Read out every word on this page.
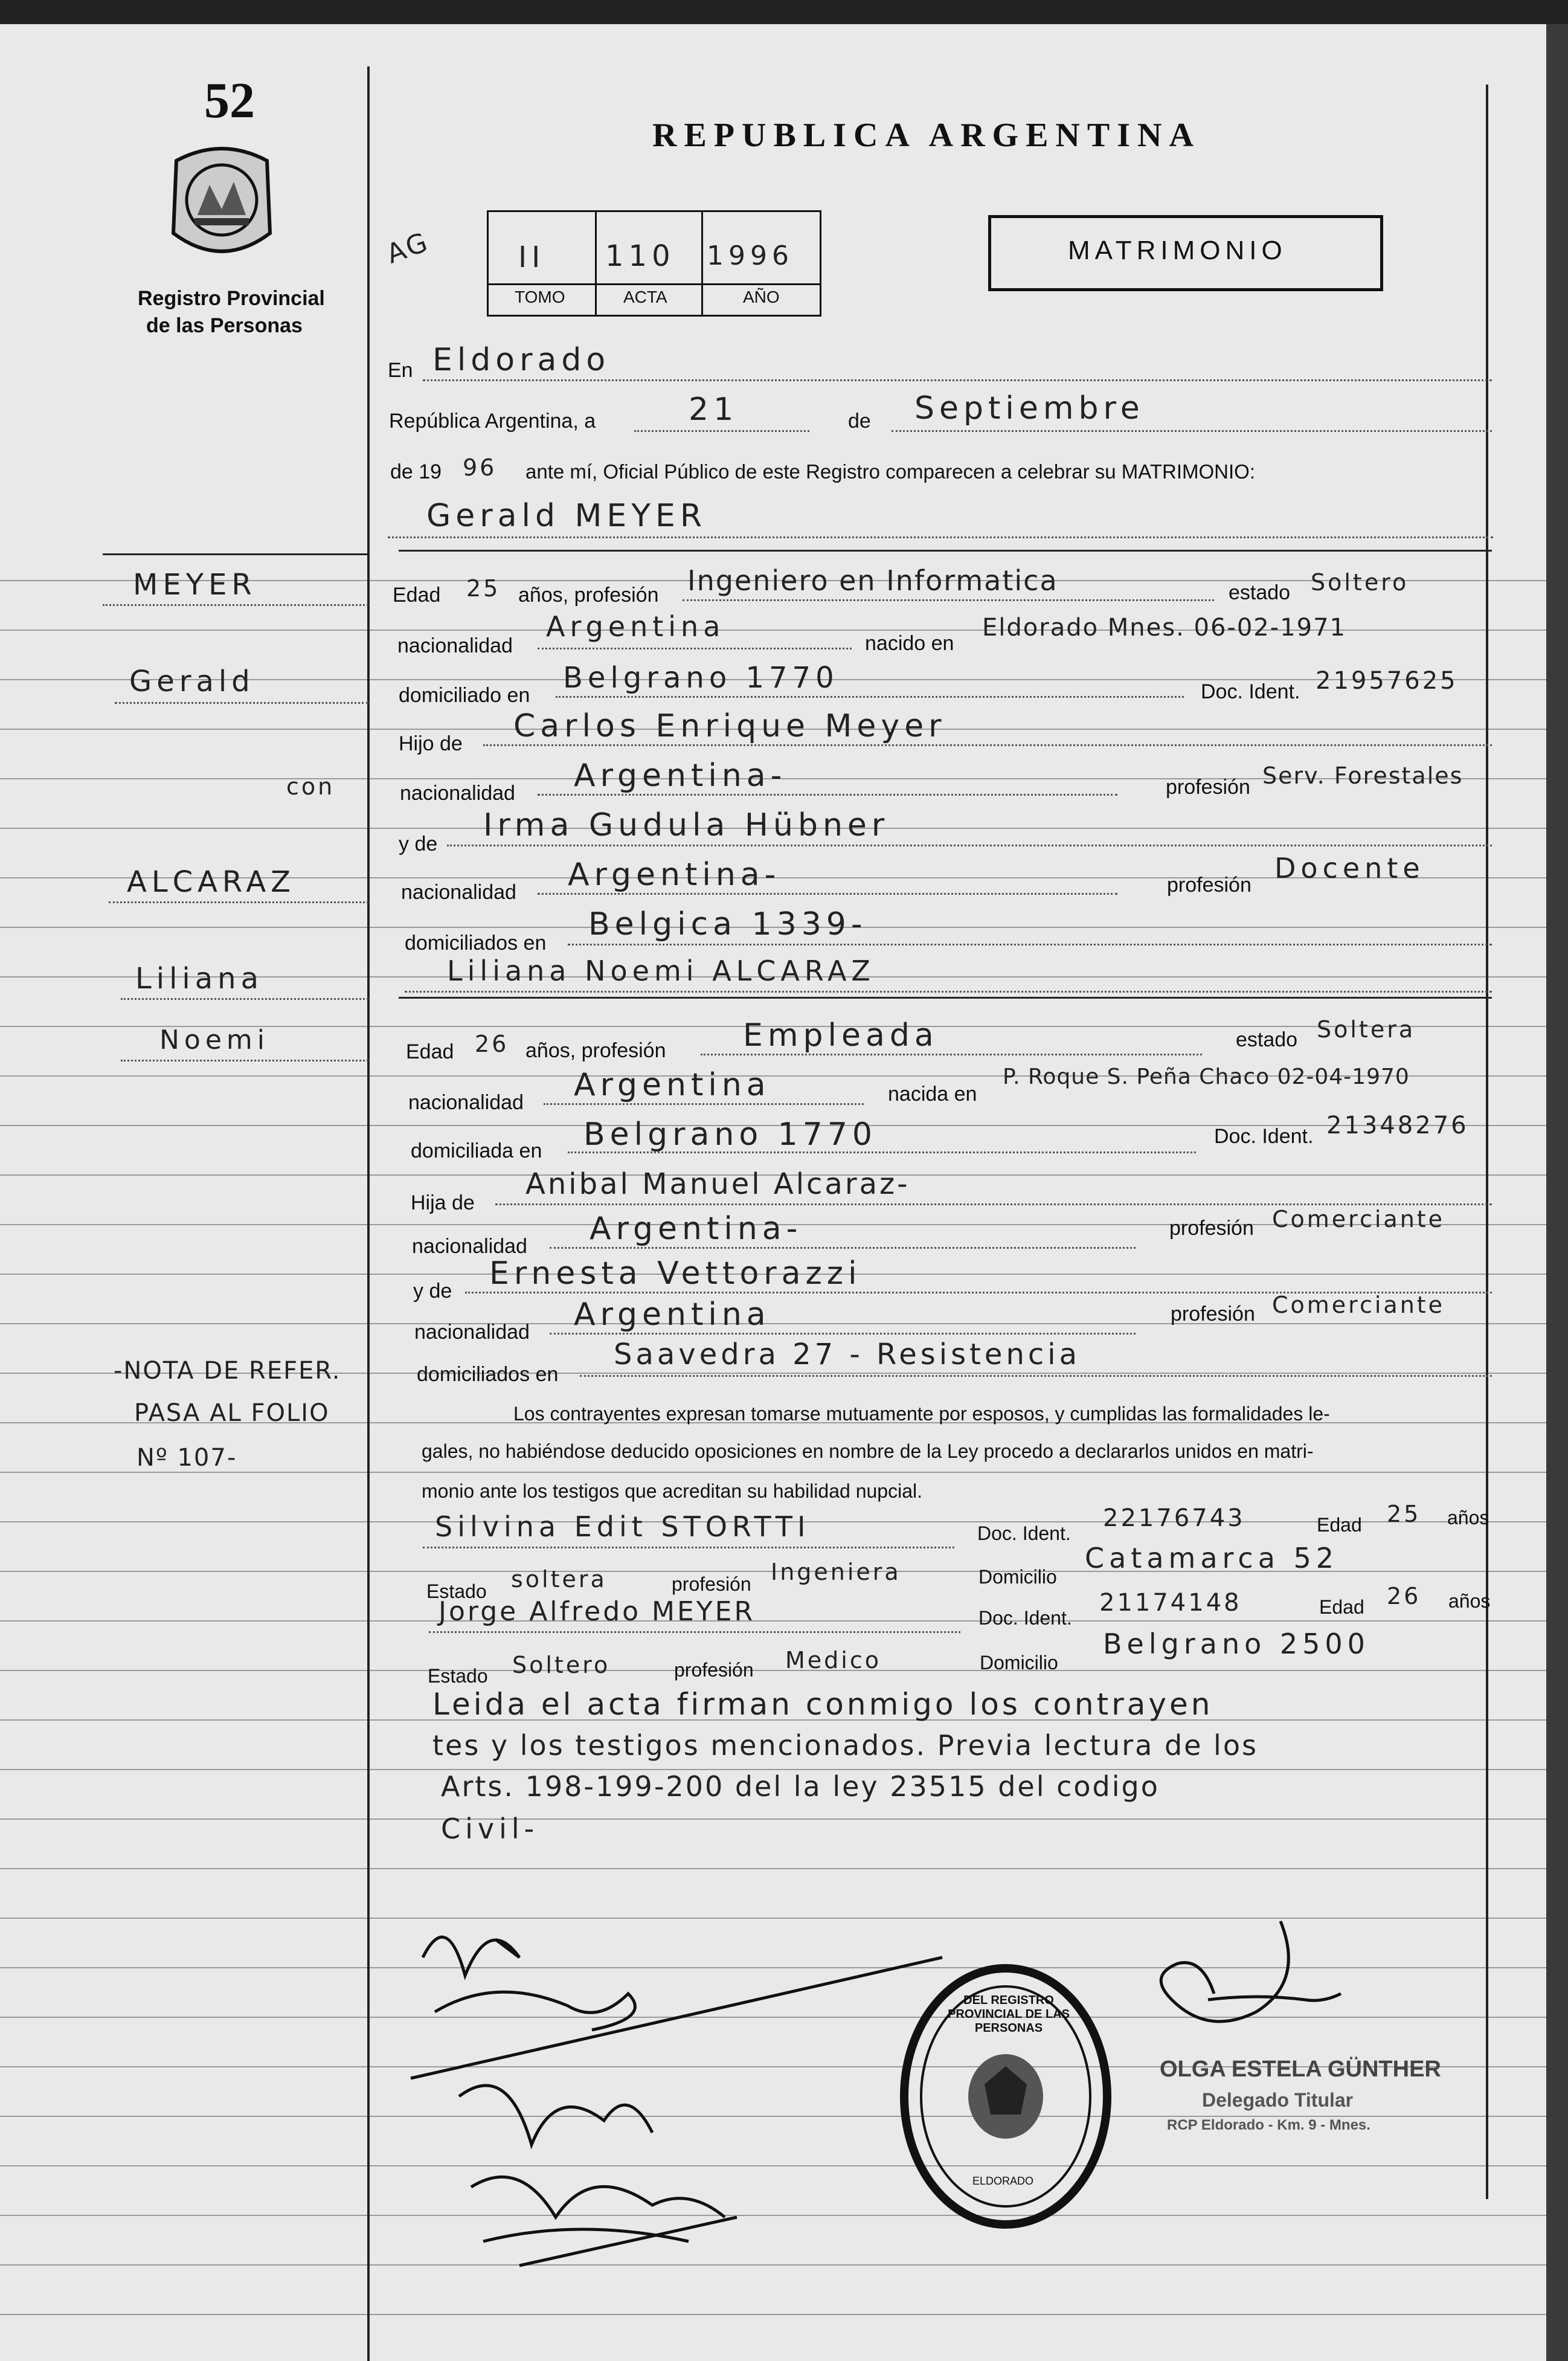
52
Registro Provincial
de las Personas
REPUBLICA ARGENTINA
AG	II 110 1996
TOMO	ACTA	AÑO
MATRIMONIO
En Eldorado
República Argentina, a	21	de Septiembre
de 19 96 ante mí, Oficial Público de este Registro comparecen a celebrar su MATRIMONIO:
Gerald MEYER
Edad 25 años, profesión Ingeniero en Informatica	estado Soltero
nacionalidad
Argentina
nacido en
Eldorado Mnes. 06-02-1971
domiciliado en
Belgrano 1770	Doc. Ident. 21957625
Hijo de Carlos Enrique Meyer
nacionalidad Argentina-	profesión Serv. Forestales
y de
Irma Gudula Hübner
nacionalidad Argentina-	profesión
Docente
domiciliados en
Belgica 1339-
Liliana Noemi ALCARAZ
Edad 26 años, profesión Empleada	estado Soltera
nacionalidad Argentina	nacida en
P. Roque S. Peña Chaco 02-04-1970
domiciliada en Belgrano 1770	Doc. Ident. 21348276
Hija de
Anibal Manuel Alcaraz-
nacionalidad Argentina-	profesión Comerciante
y de Ernesta Vettorazzi
nacionalidad Argentina	profesión Comerciante
domiciliados en
Saavedra 27 - Resistencia
Los contrayentes expresan tomarse mutuamente por esposos, y cumplidas las formalidades le-
gales, no habiéndose deducido oposiciones en nombre de la Ley procedo a declararlos unidos en matri-
monio ante los testigos que acreditan su habilidad nupcial.
Silvina Edit STORTTI	Doc. Ident.
22176743	Edad 25 años
Estado soltera	profesión Ingeniera	Domicilio
Catamarca 52
Jorge Alfredo MEYER	Doc. Ident.
21174148	Edad 26 años
Estado Soltero	profesión Medico	Domicilio
Belgrano 2500
Leida el acta firman conmigo los contrayen
tes y los testigos mencionados. Previa lectura de los
Arts. 198-199-200 del la ley 23515 del codigo
Civil-
MEYER
Gerald
con
ALCARAZ
Liliana
Noemi
-NOTA DE REFER.
PASA AL FOLIO
Nº 107-
DEL REGISTRO PROVINCIAL DE LAS PERSONAS
ELDORADO
OLGA ESTELA GÜNTHER
Delegado Titular
RCP Eldorado - Km. 9 - Mnes.
